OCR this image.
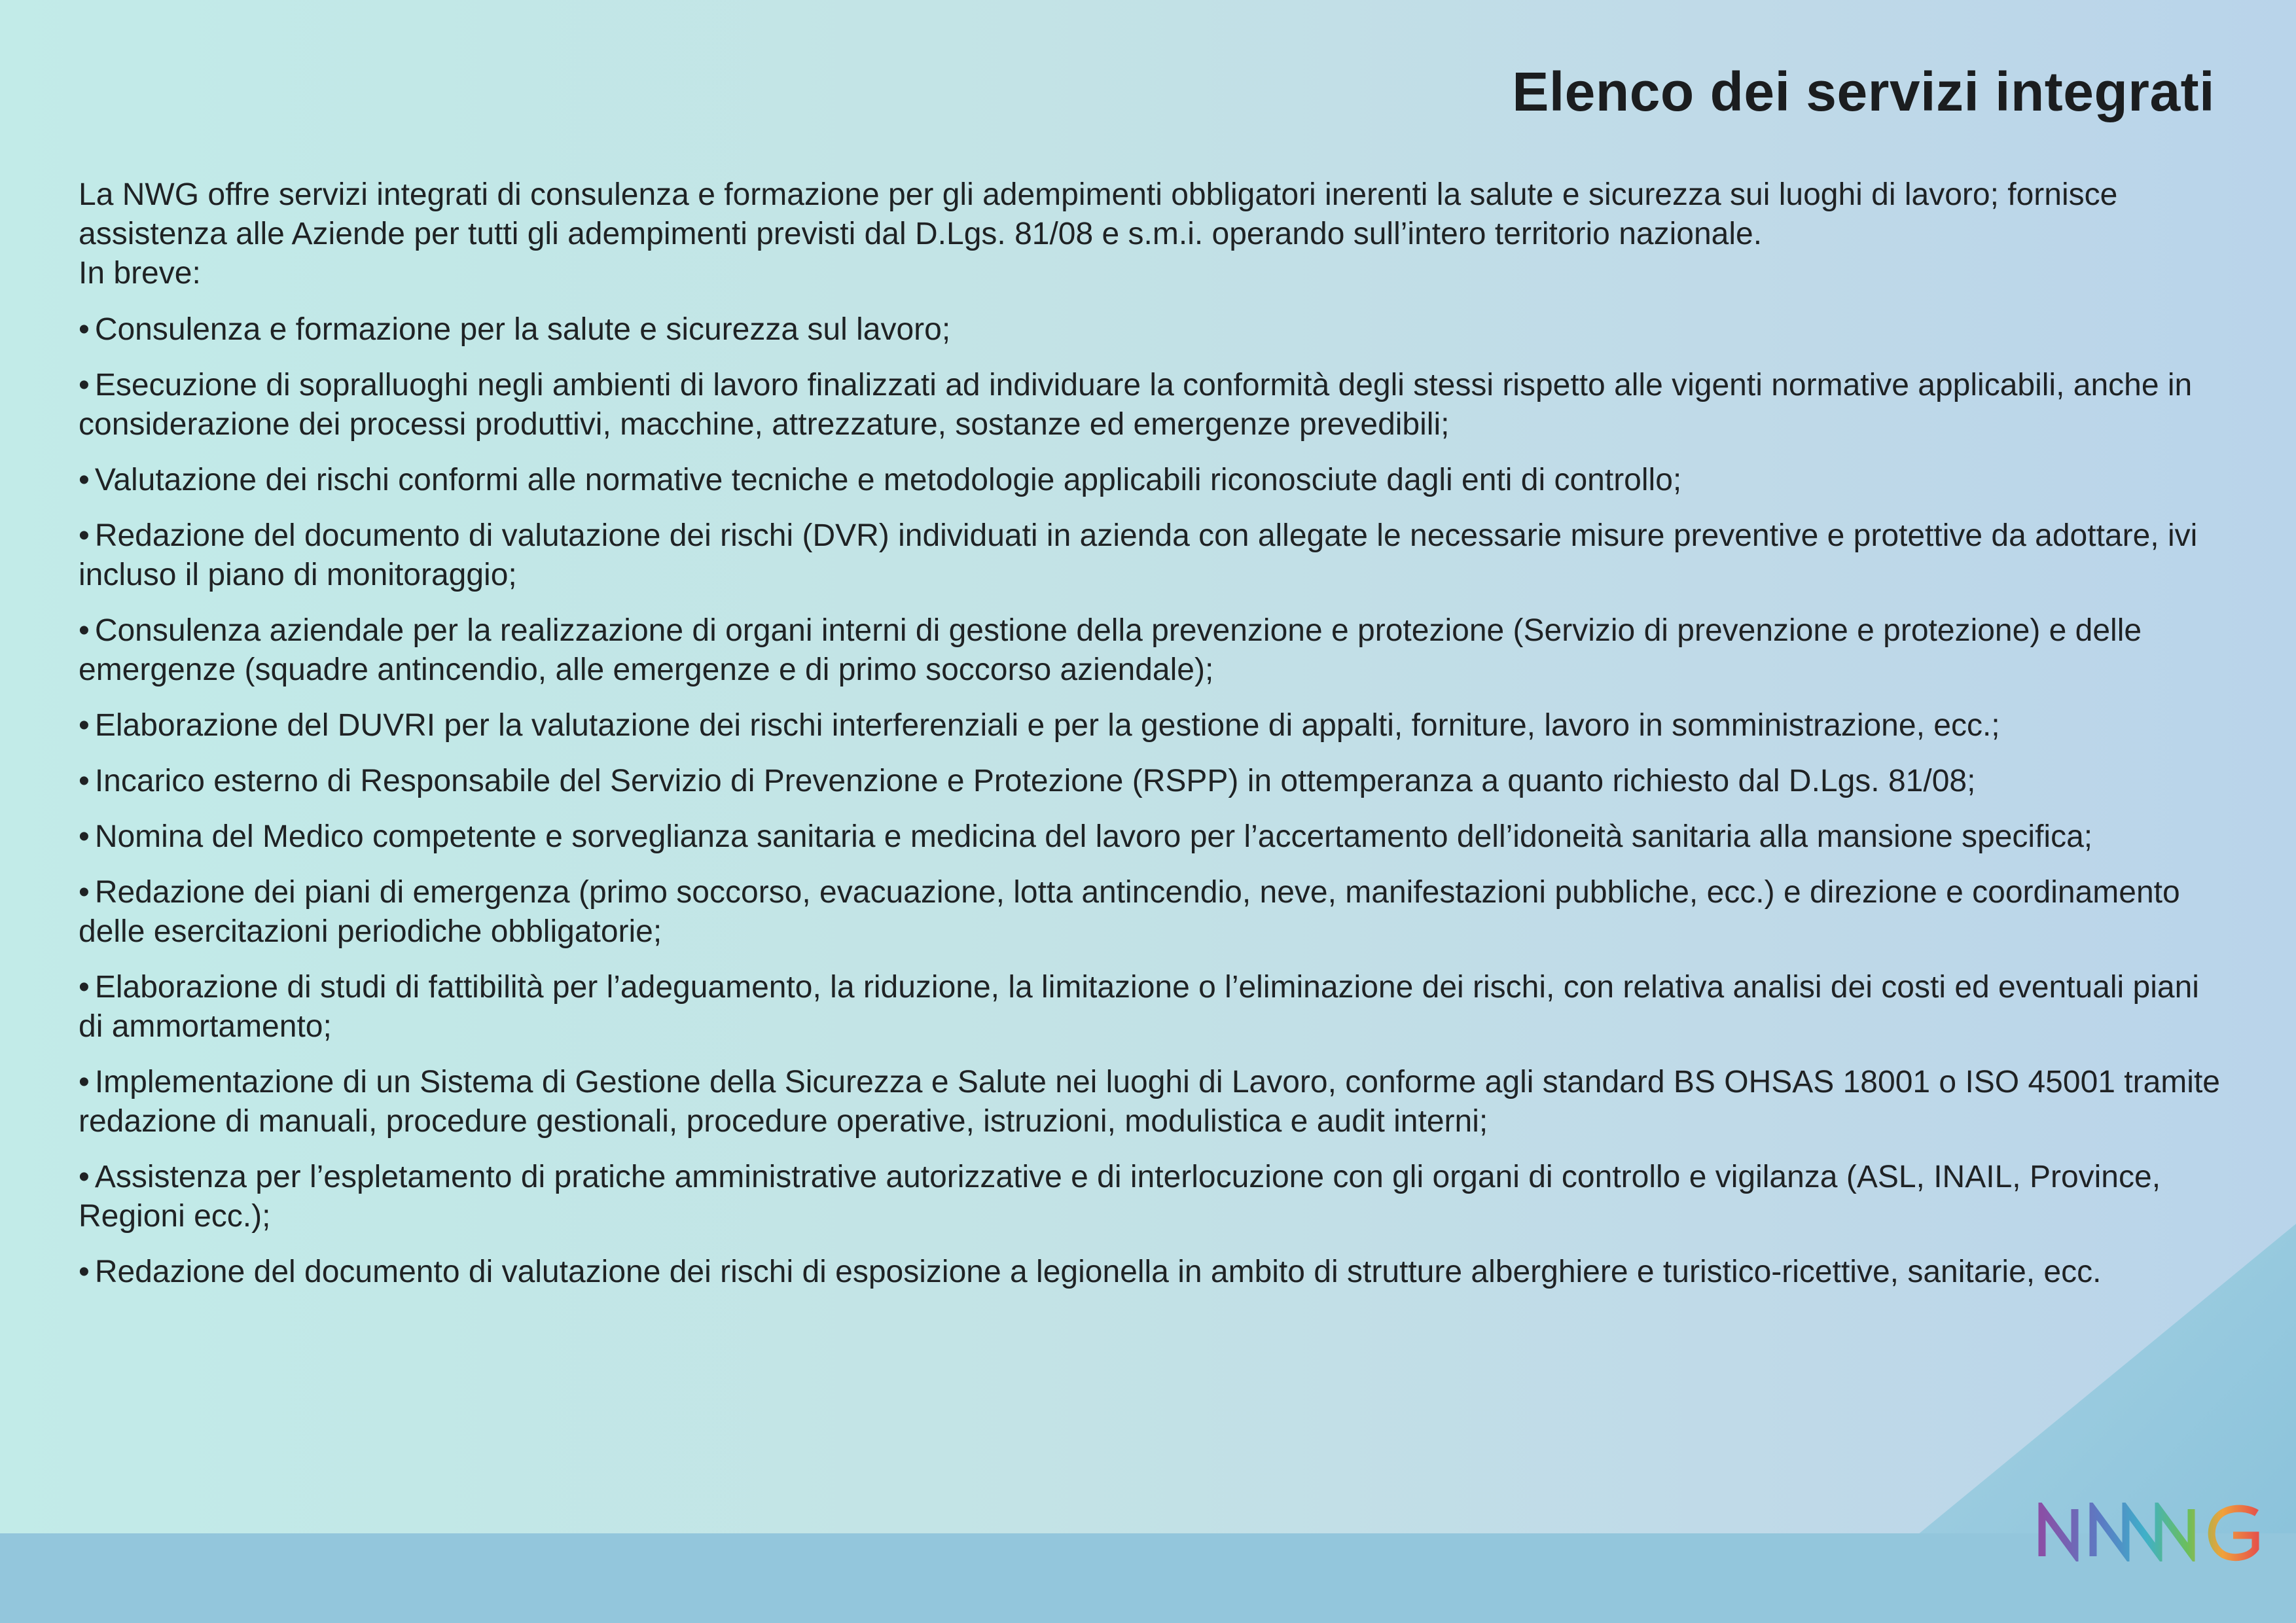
Elenco dei servizi integrati

La NWG offre servizi integrati di consulenza e formazione per gli adempimenti obbligatori inerenti la salute e sicurezza sui luoghi di lavoro; fornisce assistenza alle Aziende per tutti gli adempimenti previsti dal D.Lgs. 81/08 e s.m.i. operando sull’intero territorio nazionale.

In breve:

• Consulenza e formazione per la salute e sicurezza sul lavoro;
• Esecuzione di sopralluoghi negli ambienti di lavoro finalizzati ad individuare la conformità degli stessi rispetto alle vigenti normative applicabili, anche in considerazione dei processi produttivi, macchine, attrezzature, sostanze ed emergenze prevedibili;
• Valutazione dei rischi conformi alle normative tecniche e metodologie applicabili riconosciute dagli enti di controllo;
• Redazione del documento di valutazione dei rischi (DVR) individuati in azienda con allegate le necessarie misure preventive e protettive da adottare, ivi incluso il piano di monitoraggio;
• Consulenza aziendale per la realizzazione di organi interni di gestione della prevenzione e protezione (Servizio di prevenzione e protezione) e delle emergenze (squadre antincendio, alle emergenze e di primo soccorso aziendale);
• Elaborazione del DUVRI per la valutazione dei rischi interferenziali e per la gestione di appalti, forniture, lavoro in somministrazione, ecc.;
• Incarico esterno di Responsabile del Servizio di Prevenzione e Protezione (RSPP) in ottemperanza a quanto richiesto dal D.Lgs. 81/08;
• Nomina del Medico competente e sorveglianza sanitaria e medicina del lavoro per l’accertamento dell’idoneità sanitaria alla mansione specifica;
• Redazione dei piani di emergenza (primo soccorso, evacuazione, lotta antincendio, neve, manifestazioni pubbliche, ecc.) e direzione e coordinamento delle esercitazioni periodiche obbligatorie;
• Elaborazione di studi di fattibilità per l’adeguamento, la riduzione, la limitazione o l’eliminazione dei rischi, con relativa analisi dei costi ed eventuali piani di ammortamento;
• Implementazione di un Sistema di Gestione della Sicurezza e Salute nei luoghi di Lavoro, conforme agli standard BS OHSAS 18001 o ISO 45001 tramite redazione di manuali, procedure gestionali, procedure operative, istruzioni, modulistica e audit interni;
• Assistenza per l’espletamento di pratiche amministrative autorizzative e di interlocuzione con gli organi di controllo e vigilanza (ASL, INAIL, Province, Regioni ecc.);
• Redazione del documento di valutazione dei rischi di esposizione a legionella in ambito di strutture alberghiere e turistico-ricettive, sanitarie, ecc.
